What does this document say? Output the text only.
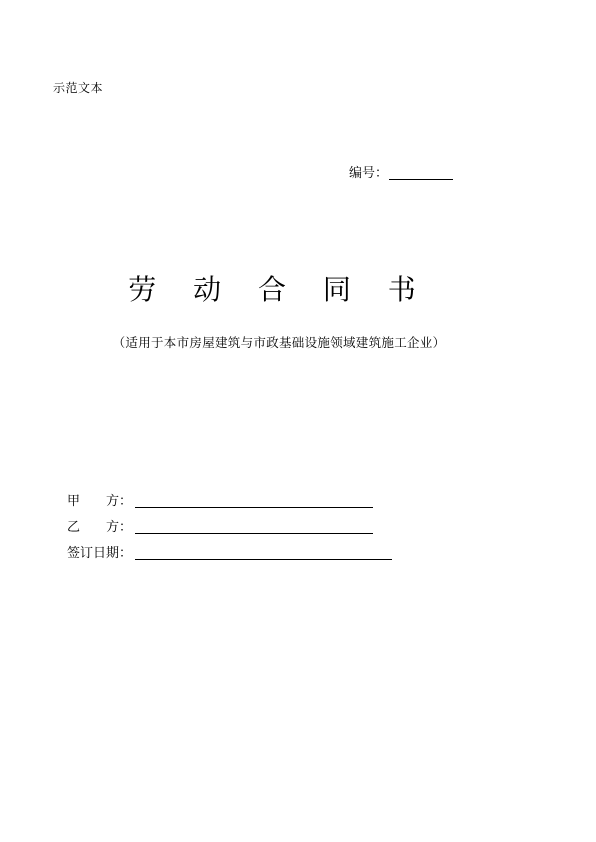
示范文本
编号：
劳 动 合 同 书
（适用于本市房屋建筑与市政基础设施领域建筑施工企业）
甲　　方：
乙　　方：
签订日期：
